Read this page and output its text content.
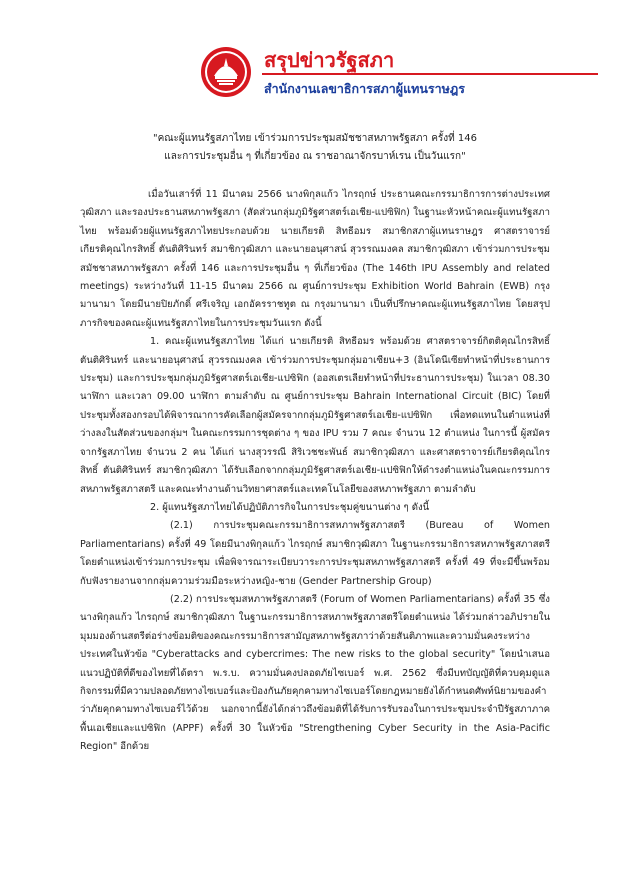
สรุปข่าวรัฐสภา
สำนักงานเลขาธิการสภาผู้แทนราษฎร
"คณะผู้แทนรัฐสภาไทย เข้าร่วมการประชุมสมัชชาสหภาพรัฐสภา ครั้งที่ 146
และการประชุมอื่น ๆ ที่เกี่ยวข้อง ณ ราชอาณาจักรบาห์เรน เป็นวันแรก"

เมื่อวันเสาร์ที่ 11 มีนาคม 2566 นางพิกุลแก้ว ไกรฤกษ์ ประธานคณะกรรมาธิการการต่างประเทศ วุฒิสภา และรองประธานสหภาพรัฐสภา (สัดส่วนกลุ่มภูมิรัฐศาสตร์เอเชีย-แปซิฟิก) ในฐานะหัวหน้าคณะผู้แทนรัฐสภาไทย พร้อมด้วยผู้แทนรัฐสภาไทยประกอบด้วย นายเกียรติ สิทธีอมร สมาชิกสภาผู้แทนราษฎร ศาสตราจารย์เกียรติคุณไกรสิทธิ์ ตันติศิรินทร์ สมาชิกวุฒิสภา และนายอนุศาสน์ สุวรรณมงคล สมาชิกวุฒิสภา เข้าร่วมการประชุมสมัชชาสหภาพรัฐสภา ครั้งที่ 146 และการประชุมอื่น ๆ ที่เกี่ยวข้อง (The 146th IPU Assembly and related meetings) ระหว่างวันที่ 11-15 มีนาคม 2566 ณ ศูนย์การประชุม Exhibition World Bahrain (EWB) กรุงมานามา โดยมีนายปิยภักดิ์ ศรีเจริญ เอกอัครราชทูต ณ กรุงมานามา เป็นที่ปรึกษาคณะผู้แทนรัฐสภาไทย โดยสรุปภารกิจของคณะผู้แทนรัฐสภาไทยในการประชุมวันแรก ดังนี้

1. คณะผู้แทนรัฐสภาไทย ได้แก่ นายเกียรติ สิทธีอมร พร้อมด้วย ศาสตราจารย์กิตติคุณไกรสิทธิ์ ตันติศิรินทร์ และนายอนุศาสน์ สุวรรณมงคล เข้าร่วมการประชุมกลุ่มอาเซียน+3 (อินโดนีเซียทำหน้าที่ประธานการประชุม) และการประชุมกลุ่มภูมิรัฐศาสตร์เอเชีย-แปซิฟิก (ออสเตรเลียทำหน้าที่ประธานการประชุม) ในเวลา 08.30 นาฬิกา และเวลา 09.00 นาฬิกา ตามลำดับ ณ ศูนย์การประชุม Bahrain International Circuit (BIC) โดยที่ประชุมทั้งสองกรอบได้พิจารณาการคัดเลือกผู้สมัครจากกลุ่มภูมิรัฐศาสตร์เอเชีย-แปซิฟิก เพื่อทดแทนในตำแหน่งที่ว่างลงในสัดส่วนของกลุ่มฯ ในคณะกรรมการชุดต่าง ๆ ของ IPU รวม 7 คณะ จำนวน 12 ตำแหน่ง ในการนี้ ผู้สมัครจากรัฐสภาไทย จำนวน 2 คน ได้แก่ นางสุวรรณี สิริเวชชะพันธ์ สมาชิกวุฒิสภา และศาสตราจารย์เกียรติคุณไกรสิทธิ์ ตันติศิรินทร์ สมาชิกวุฒิสภา ได้รับเลือกจากกลุ่มภูมิรัฐศาสตร์เอเชีย-แปซิฟิกให้ดำรงตำแหน่งในคณะกรรมการสหภาพรัฐสภาสตรี และคณะทำงานด้านวิทยาศาสตร์และเทคโนโลยีของสหภาพรัฐสภา ตามลำดับ

2. ผู้แทนรัฐสภาไทยได้ปฏิบัติภารกิจในการประชุมคู่ขนานต่าง ๆ ดังนี้

(2.1) การประชุมคณะกรรมาธิการสหภาพรัฐสภาสตรี (Bureau of Women Parliamentarians) ครั้งที่ 49 โดยมีนางพิกุลแก้ว ไกรฤกษ์ สมาชิกวุฒิสภา ในฐานะกรรมาธิการสหภาพรัฐสภาสตรีโดยตำแหน่งเข้าร่วมการประชุม เพื่อพิจารณาระเบียบวาระการประชุมสหภาพรัฐสภาสตรี ครั้งที่ 49 ที่จะมีขึ้นพร้อมกับฟังรายงานจากกลุ่มความร่วมมือระหว่างหญิง-ชาย (Gender Partnership Group)

(2.2) การประชุมสหภาพรัฐสภาสตรี (Forum of Women Parliamentarians) ครั้งที่ 35 ซึ่งนางพิกุลแก้ว ไกรฤกษ์ สมาชิกวุฒิสภา ในฐานะกรรมาธิการสหภาพรัฐสภาสตรีโดยตำแหน่ง ได้ร่วมกล่าวอภิปรายในมุมมองด้านสตรีต่อร่างข้อมติของคณะกรรมาธิการสามัญสหภาพรัฐสภาว่าด้วยสันติภาพและความมั่นคงระหว่างประเทศในหัวข้อ "Cyberattacks and cybercrimes: The new risks to the global security" โดยนำเสนอแนวปฏิบัติที่ดีของไทยที่ได้ตรา พ.ร.บ. ความมั่นคงปลอดภัยไซเบอร์ พ.ศ. 2562 ซึ่งมีบทบัญญัติที่ควบคุมดูแลกิจกรรมที่มีความปลอดภัยทางไซเบอร์และป้องกันภัยคุกคามทางไซเบอร์โดยกฎหมายยังได้กำหนดศัพท์นิยามของคำว่าภัยคุกคามทางไซเบอร์ไว้ด้วย นอกจากนี้ยังได้กล่าวถึงข้อมติที่ได้รับการรับรองในการประชุมประจำปีรัฐสภาภาคพื้นเอเชียและแปซิฟิก (APPF) ครั้งที่ 30 ในหัวข้อ "Strengthening Cyber Security in the Asia-Pacific Region" อีกด้วย
